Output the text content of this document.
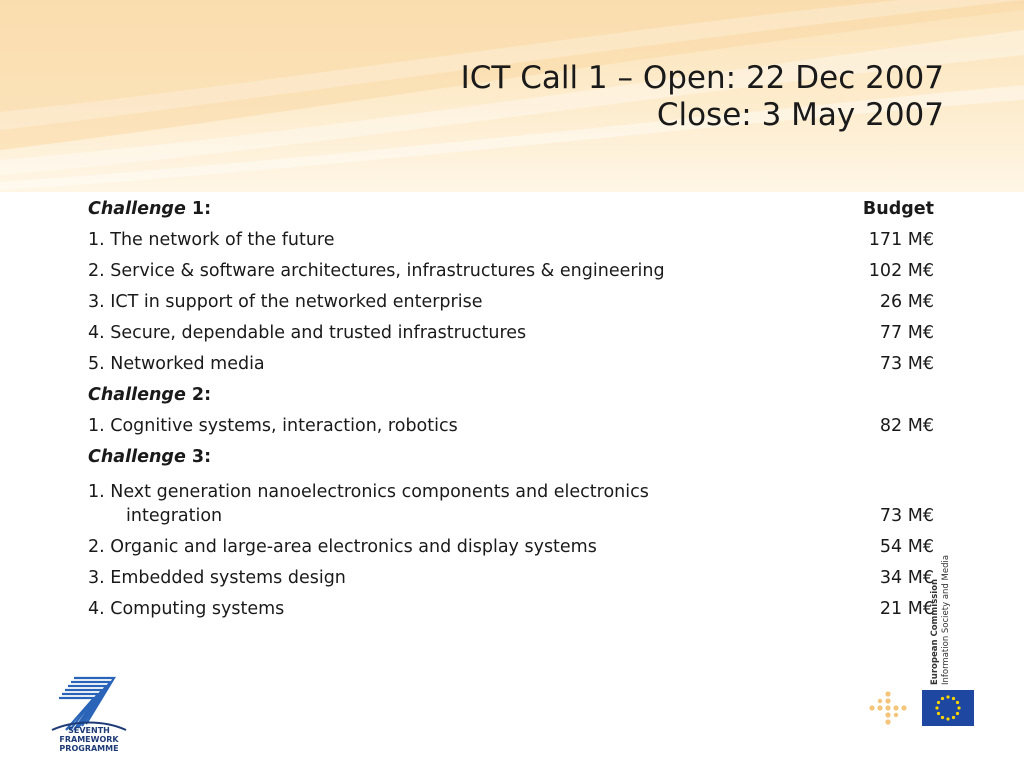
ICT Call 1 – Open: 22 Dec 2007
Close: 3 May 2007
Challenge 1:	Budget
1. The network of the future	171 M€
2. Service & software architectures, infrastructures & engineering	102 M€
3. ICT in support of the networked enterprise	26 M€
4. Secure, dependable and trusted infrastructures	77 M€
5. Networked media	73 M€
Challenge 2:
1. Cognitive systems, interaction, robotics	82 M€
Challenge 3:
1. Next generation nanoelectronics components and electronics
integration	73 M€
2. Organic and large-area electronics and display systems	54 M€
3. Embedded systems design	34 M€
4. Computing systems	21 M€
SEVENTH FRAMEWORK
PROGRAMME
European Commission Information Society and Media
